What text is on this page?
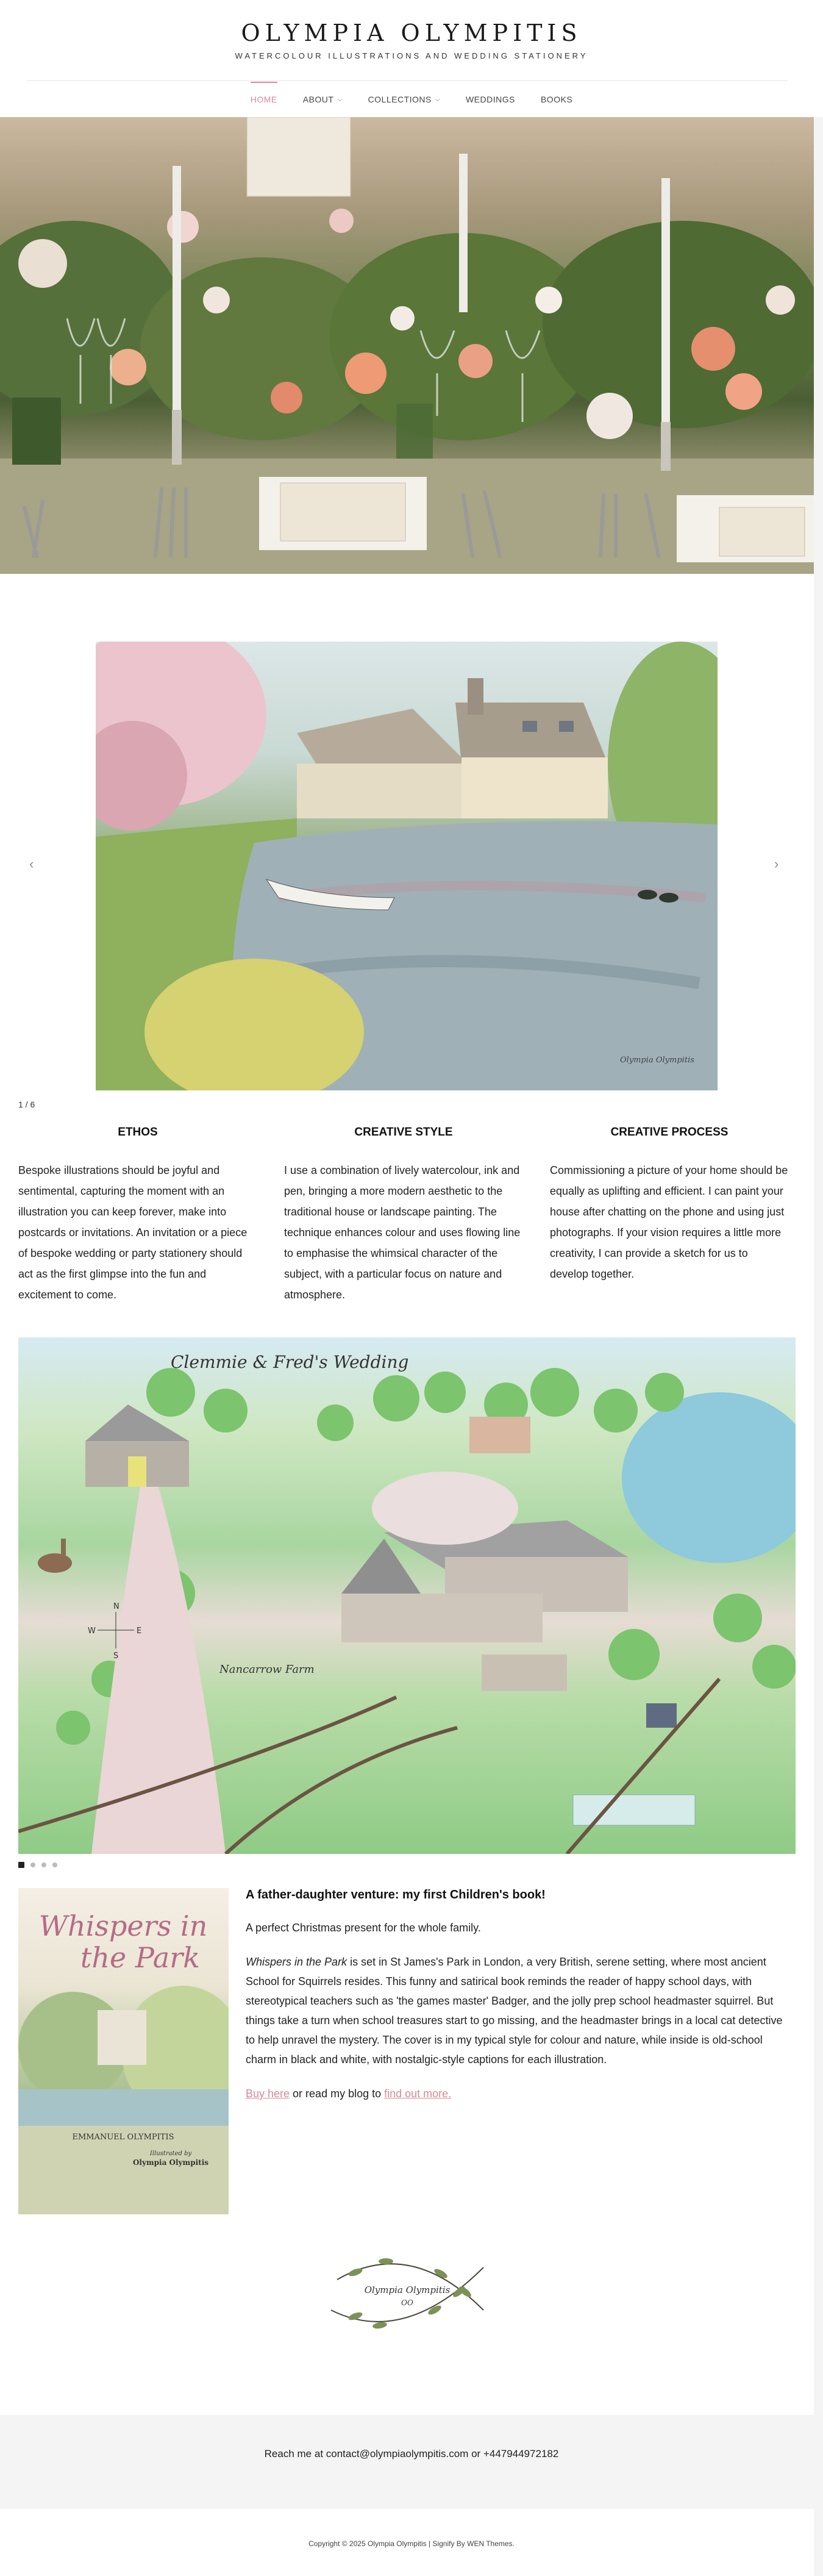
OLYMPIA OLYMPITIS
WATERCOLOUR ILLUSTRATIONS AND WEDDING STATIONERY
HOME	ABOUT ⌵	COLLECTIONS ⌵	WEDDINGS	BOOKS
‹
Olympia Olympitis
›
1 / 6
ETHOS

Bespoke illustrations should be joyful and sentimental, capturing the moment with an illustration you can keep forever, make into postcards or invitations. An invitation or a piece of bespoke wedding or party stationery should act as the first glimpse into the fun and excitement to come.

CREATIVE STYLE

I use a combination of lively watercolour, ink and pen, bringing a more modern aesthetic to the traditional house or landscape painting. The technique enhances colour and uses flowing line to emphasise the whimsical character of the subject, with a particular focus on nature and atmosphere.

CREATIVE PROCESS

Commissioning a picture of your home should be equally as uplifting and efficient. I can paint your house after chatting on the phone and using just photographs. If your vision requires a little more creativity, I can provide a sketch for us to develop together.

Clemmie & Fred's Wedding
Nancarrow Farm
N
S
E
W
Whispers in
the Park
EMMANUEL OLYMPITIS
Illustrated by
Olympia Olympitis
A father-daughter venture: my first Children's book!

A perfect Christmas present for the whole family.

Whispers in the Park is set in St James's Park in London, a very British, serene setting, where most ancient School for Squirrels resides. This funny and satirical book reminds the reader of happy school days, with stereotypical teachers such as 'the games master' Badger, and the jolly prep school headmaster squirrel. But things take a turn when school treasures start to go missing, and the headmaster brings in a local cat detective to help unravel the mystery. The cover is in my typical style for colour and nature, while inside is old-school charm in black and white, with nostalgic-style captions for each illustration.

Buy here or read my blog to find out more.

Olympia Olympitis
OO
Reach me at contact@olympiaolympitis.com or +447944972182
Copyright © 2025 Olympia Olympitis | Signify By WEN Themes.
